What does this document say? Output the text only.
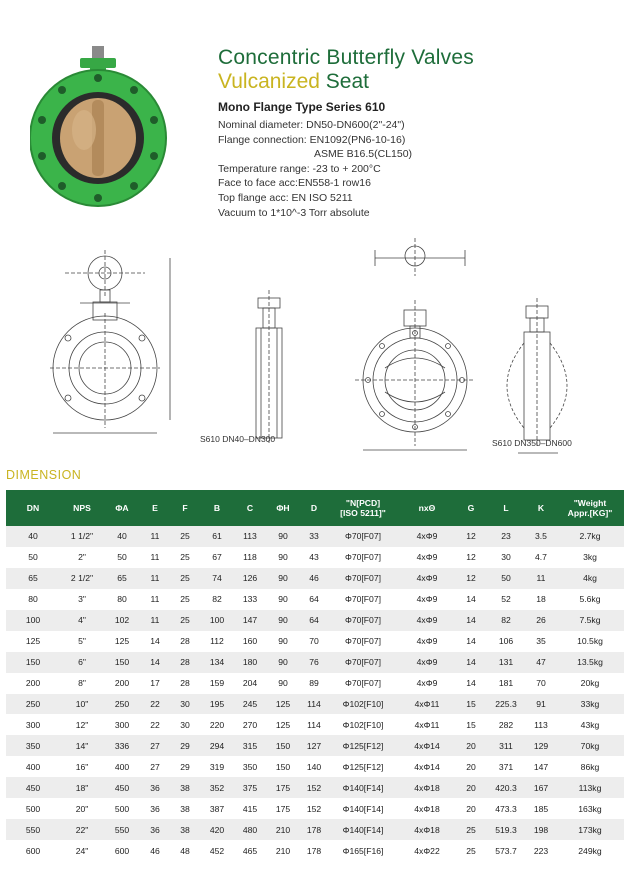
Concentric Butterfly Valves
Vulcanized Seat
Mono Flange Type Series 610
Nominal diameter: DN50-DN600(2"-24")
Flange connection: EN1092(PN6-10-16)
ASME B16.5(CL150)
Temperature range: -23 to + 200°C
Face to face acc:EN558-1 row16
Top flange acc: EN ISO 5211
Vacuum to 1*10^-3 Torr absolute
S610 DN40–DN300	S610 DN350–DN600
DIMENSION
DN	NPS	ΦA	E	F	B	C	ΦH	D	"N[PCD]
[ISO 5211]"	nxΘ	G	L	K	"Weight
Appr.[KG]"
40	1 1/2"	40	11	25	61	113	90	33	Φ70[F07]	4xΦ9	12	23	3.5	2.7kg
50	2"	50	11	25	67	118	90	43	Φ70[F07]	4xΦ9	12	30	4.7	3kg
65	2 1/2"	65	11	25	74	126	90	46	Φ70[F07]	4xΦ9	12	50	11	4kg
80	3"	80	11	25	82	133	90	64	Φ70[F07]	4xΦ9	14	52	18	5.6kg
100	4"	102	11	25	100	147	90	64	Φ70[F07]	4xΦ9	14	82	26	7.5kg
125	5"	125	14	28	112	160	90	70	Φ70[F07]	4xΦ9	14	106	35	10.5kg
150	6"	150	14	28	134	180	90	76	Φ70[F07]	4xΦ9	14	131	47	13.5kg
200	8"	200	17	28	159	204	90	89	Φ70[F07]	4xΦ9	14	181	70	20kg
250	10"	250	22	30	195	245	125	114	Φ102[F10]	4xΦ11	15	225.3	91	33kg
300	12"	300	22	30	220	270	125	114	Φ102[F10]	4xΦ11	15	282	113	43kg
350	14"	336	27	29	294	315	150	127	Φ125[F12]	4xΦ14	20	311	129	70kg
400	16"	400	27	29	319	350	150	140	Φ125[F12]	4xΦ14	20	371	147	86kg
450	18"	450	36	38	352	375	175	152	Φ140[F14]	4xΦ18	20	420.3	167	113kg
500	20"	500	36	38	387	415	175	152	Φ140[F14]	4xΦ18	20	473.3	185	163kg
550	22"	550	36	38	420	480	210	178	Φ140[F14]	4xΦ18	25	519.3	198	173kg
600	24"	600	46	48	452	465	210	178	Φ165[F16]	4xΦ22	25	573.7	223	249kg
